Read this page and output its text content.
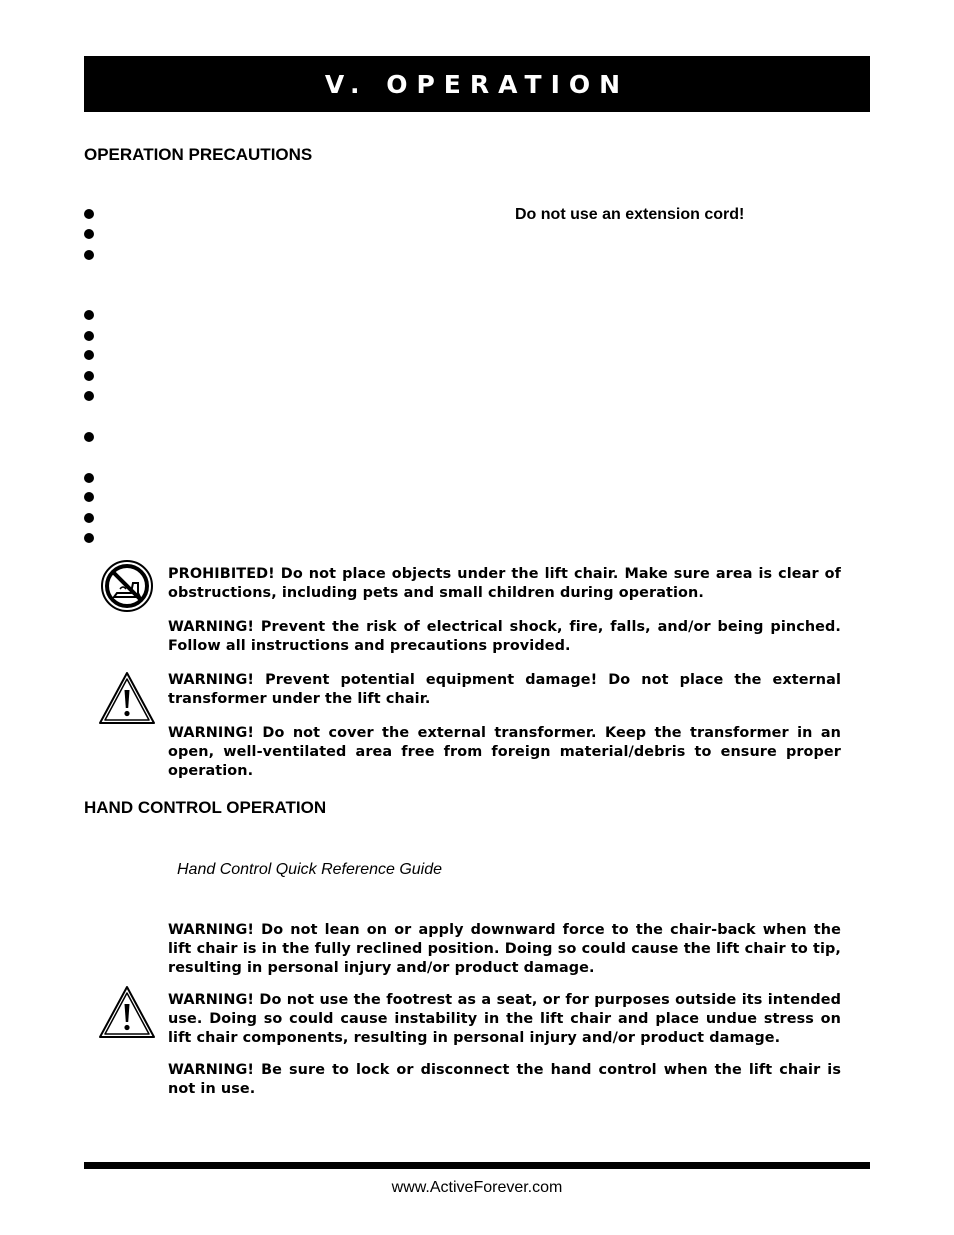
V. OPERATION
OPERATION PRECAUTIONS
Do not use an extension cord!
PROHIBITED! Do not place objects under the lift chair. Make sure area is clear of obstructions, including pets and small children during operation.
WARNING! Prevent the risk of electrical shock, fire, falls, and/or being pinched. Follow all instructions and precautions provided.
WARNING! Prevent potential equipment damage! Do not place the external transformer under the lift chair.
WARNING! Do not cover the external transformer. Keep the transformer in an open, well-ventilated area free from foreign material/debris to ensure proper operation.
HAND CONTROL OPERATION
Hand Control Quick Reference Guide
WARNING! Do not lean on or apply downward force to the chair-back when the lift chair is in the fully reclined position. Doing so could cause the lift chair to tip, resulting in personal injury and/or product damage.
WARNING! Do not use the footrest as a seat, or for purposes outside its intended use. Doing so could cause instability in the lift chair and place undue stress on lift chair components, resulting in personal injury and/or product damage.
WARNING! Be sure to lock or disconnect the hand control when the lift chair is not in use.
www.ActiveForever.com
